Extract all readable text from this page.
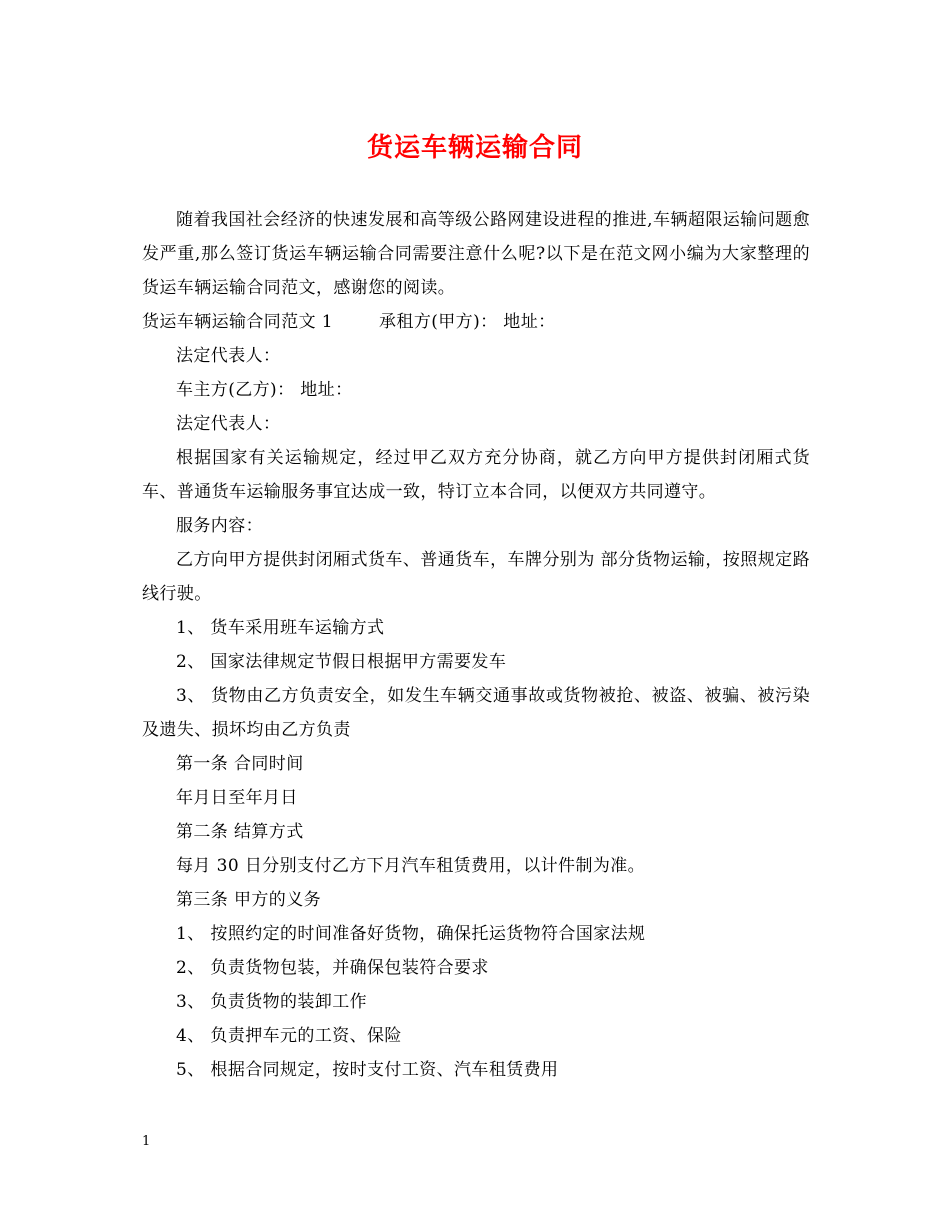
货运车辆运输合同

随着我国社会经济的快速发展和高等级公路网建设进程的推进,车辆超限运输问题愈发严重,那么签订货运车辆运输合同需要注意什么呢?以下是在范文网小编为大家整理的货运车辆运输合同范文，感谢您的阅读。

货运车辆运输合同范文 1	承租方(甲方)： 地址：

法定代表人：

车主方(乙方)： 地址：

法定代表人：

根据国家有关运输规定，经过甲乙双方充分协商，就乙方向甲方提供封闭厢式货车、普通货车运输服务事宜达成一致，特订立本合同，以便双方共同遵守。

服务内容：

乙方向甲方提供封闭厢式货车、普通货车，车牌分别为 部分货物运输，按照规定路线行驶。

1、 货车采用班车运输方式

2、 国家法律规定节假日根据甲方需要发车

3、 货物由乙方负责安全，如发生车辆交通事故或货物被抢、被盗、被骗、被污染及遗失、损坏均由乙方负责

第一条 合同时间

年月日至年月日

第二条 结算方式

每月 30 日分别支付乙方下月汽车租赁费用，以计件制为准。

第三条 甲方的义务

1、 按照约定的时间准备好货物，确保托运货物符合国家法规

2、 负责货物包装，并确保包装符合要求

3、 负责货物的装卸工作

4、 负责押车元的工资、保险

5、 根据合同规定，按时支付工资、汽车租赁费用

1
